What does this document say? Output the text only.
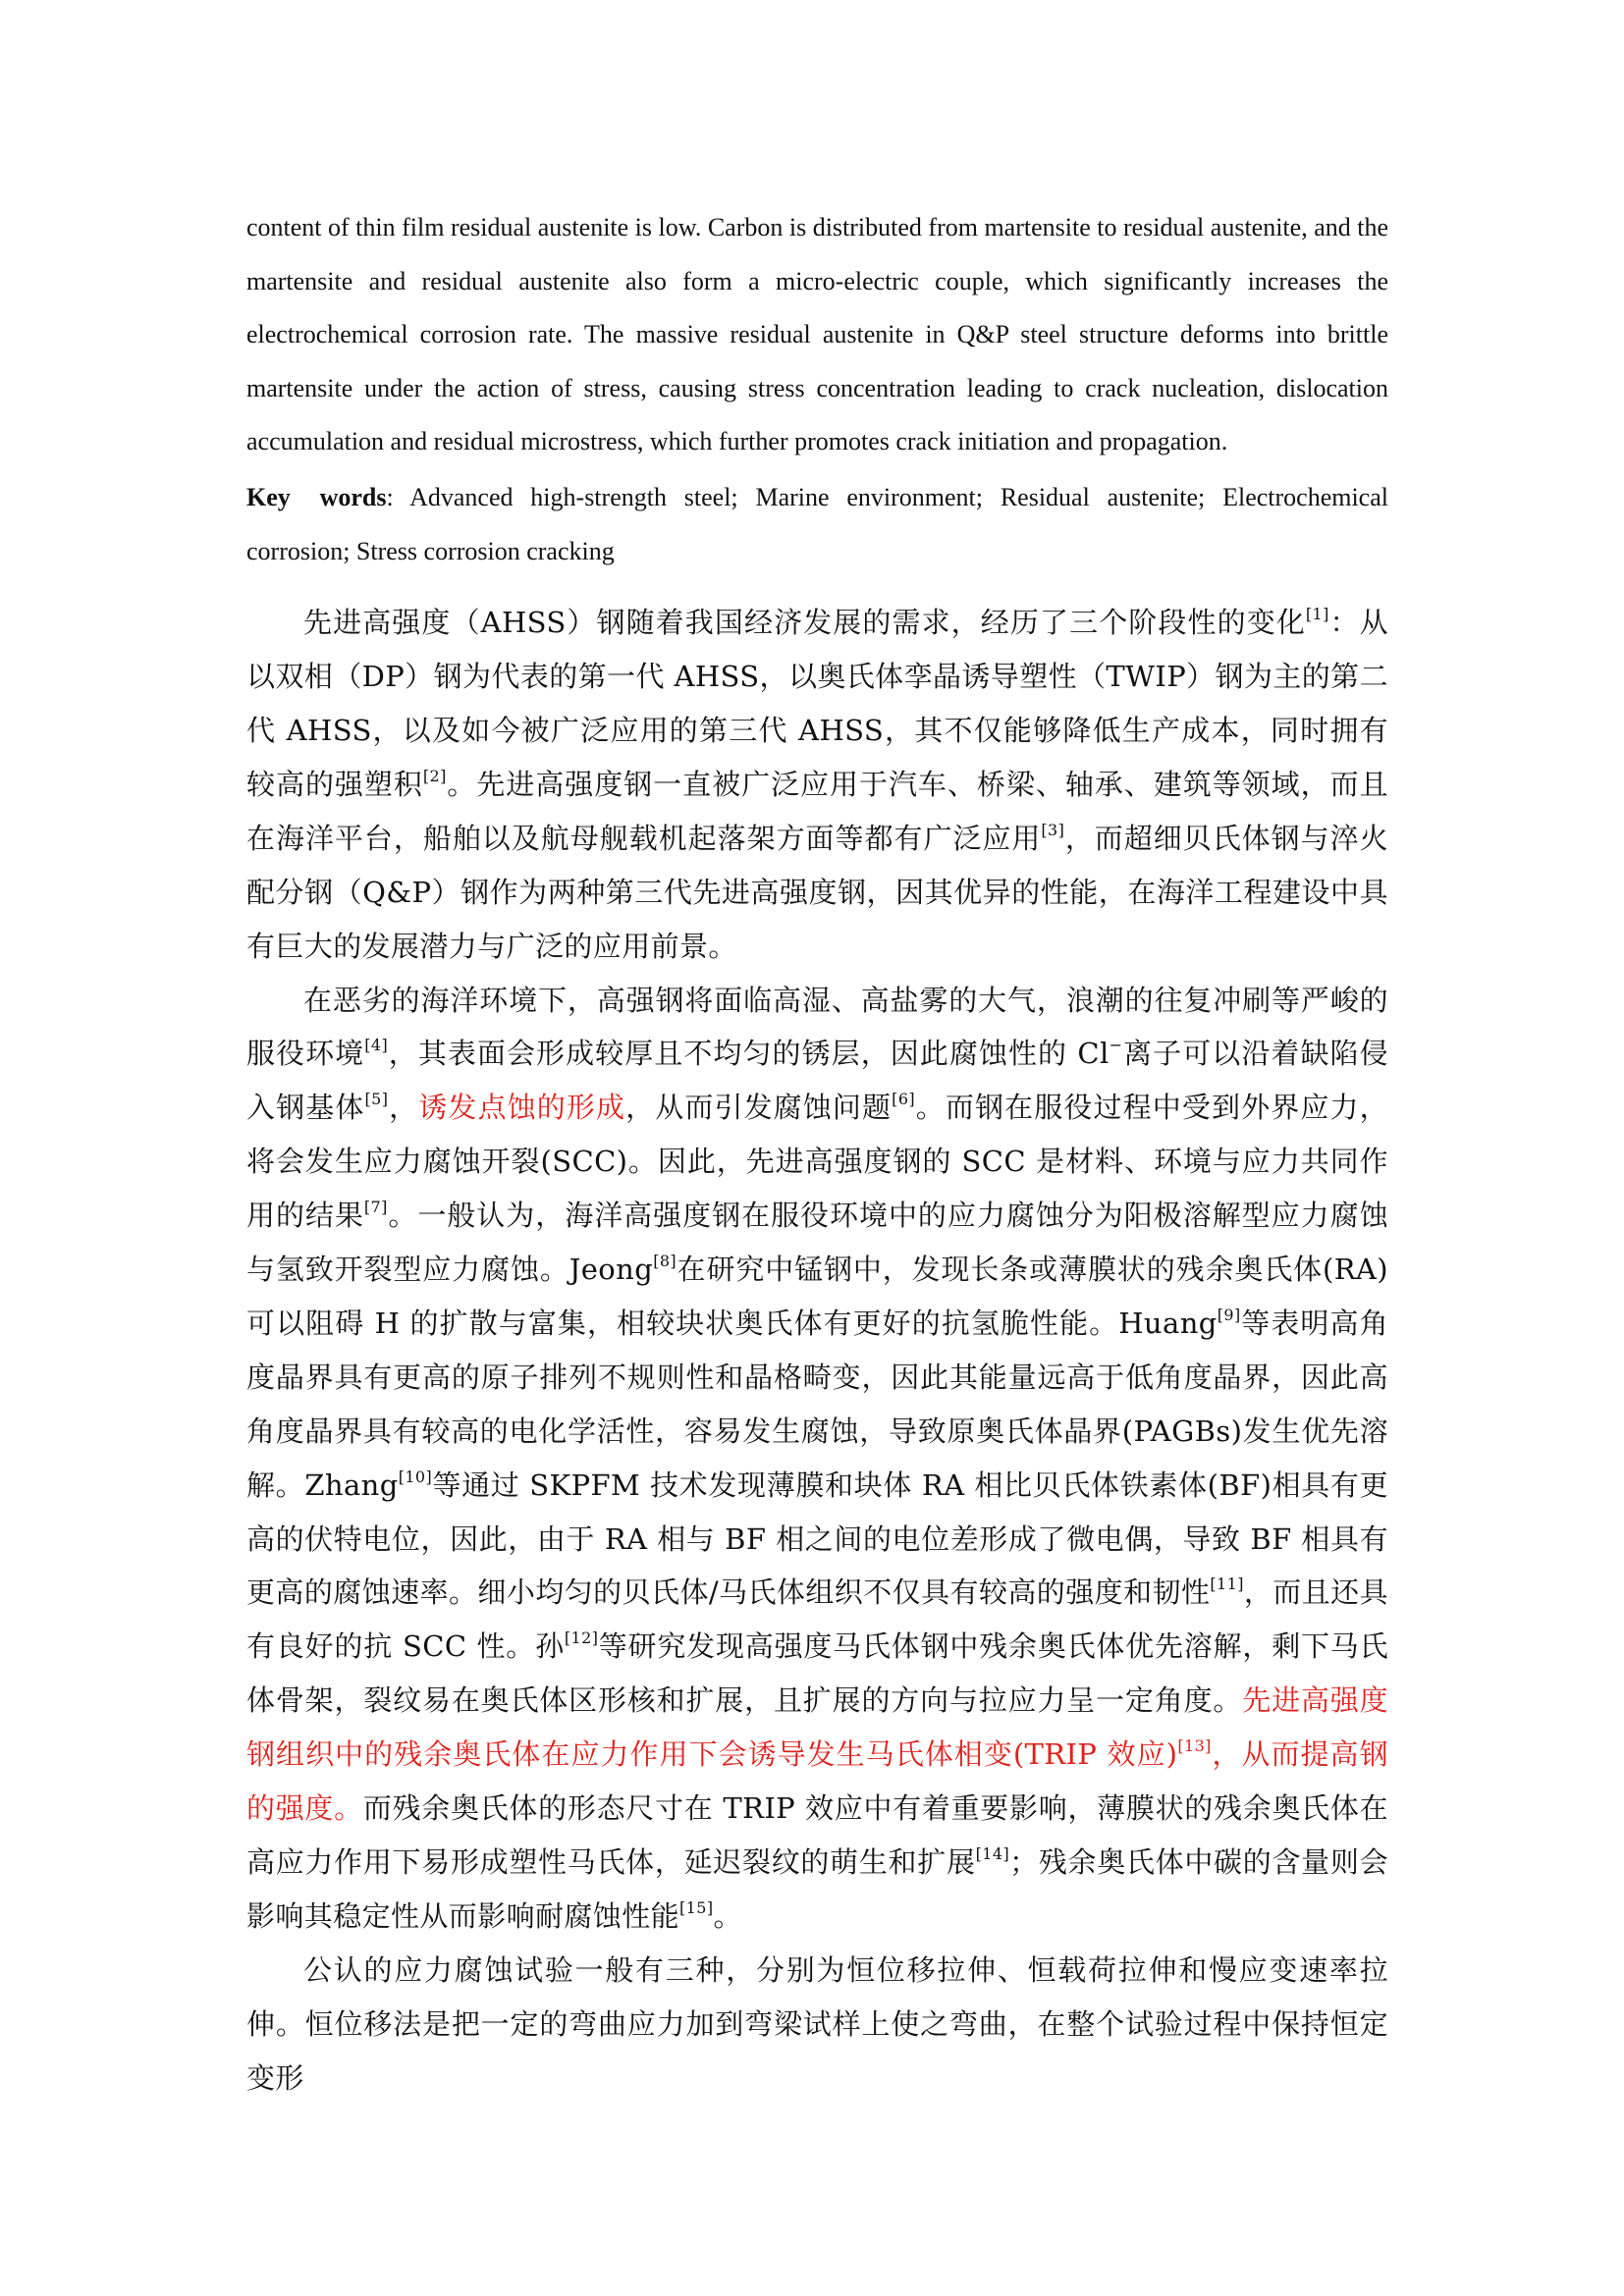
content of thin film residual austenite is low. Carbon is distributed from martensite to residual austenite, and the martensite and residual austenite also form a micro-electric couple, which significantly increases the electrochemical corrosion rate. The massive residual austenite in Q&P steel structure deforms into brittle martensite under the action of stress, causing stress concentration leading to crack nucleation, dislocation accumulation and residual microstress, which further promotes crack initiation and propagation.

Key words: Advanced high-strength steel; Marine environment; Residual austenite; Electrochemical corrosion; Stress corrosion cracking

先进高强度（AHSS）钢随着我国经济发展的需求，经历了三个阶段性的变化[1]：从以双相（DP）钢为代表的第一代 AHSS，以奥氏体孪晶诱导塑性（TWIP）钢为主的第二代 AHSS，以及如今被广泛应用的第三代 AHSS，其不仅能够降低生产成本，同时拥有较高的强塑积[2]。先进高强度钢一直被广泛应用于汽车、桥梁、轴承、建筑等领域，而且在海洋平台，船舶以及航母舰载机起落架方面等都有广泛应用[3]，而超细贝氏体钢与淬火配分钢（Q&P）钢作为两种第三代先进高强度钢，因其优异的性能，在海洋工程建设中具有巨大的发展潜力与广泛的应用前景。

在恶劣的海洋环境下，高强钢将面临高湿、高盐雾的大气，浪潮的往复冲刷等严峻的服役环境[4]，其表面会形成较厚且不均匀的锈层，因此腐蚀性的 Cl−离子可以沿着缺陷侵入钢基体[5]，诱发点蚀的形成，从而引发腐蚀问题[6]。而钢在服役过程中受到外界应力，将会发生应力腐蚀开裂(SCC)。因此，先进高强度钢的 SCC 是材料、环境与应力共同作用的结果[7]。一般认为，海洋高强度钢在服役环境中的应力腐蚀分为阳极溶解型应力腐蚀与氢致开裂型应力腐蚀。Jeong[8]在研究中锰钢中，发现长条或薄膜状的残余奥氏体(RA)可以阻碍 H 的扩散与富集，相较块状奥氏体有更好的抗氢脆性能。Huang[9]等表明高角度晶界具有更高的原子排列不规则性和晶格畸变，因此其能量远高于低角度晶界，因此高角度晶界具有较高的电化学活性，容易发生腐蚀，导致原奥氏体晶界(PAGBs)发生优先溶解。Zhang[10]等通过 SKPFM 技术发现薄膜和块体 RA 相比贝氏体铁素体(BF)相具有更高的伏特电位，因此，由于 RA 相与 BF 相之间的电位差形成了微电偶，导致 BF 相具有更高的腐蚀速率。细小均匀的贝氏体/马氏体组织不仅具有较高的强度和韧性[11]，而且还具有良好的抗 SCC 性。孙[12]等研究发现高强度马氏体钢中残余奥氏体优先溶解，剩下马氏体骨架，裂纹易在奥氏体区形核和扩展，且扩展的方向与拉应力呈一定角度。先进高强度钢组织中的残余奥氏体在应力作用下会诱导发生马氏体相变(TRIP 效应)[13]，从而提高钢的强度。而残余奥氏体的形态尺寸在 TRIP 效应中有着重要影响，薄膜状的残余奥氏体在高应力作用下易形成塑性马氏体，延迟裂纹的萌生和扩展[14]；残余奥氏体中碳的含量则会影响其稳定性从而影响耐腐蚀性能[15]。

公认的应力腐蚀试验一般有三种，分别为恒位移拉伸、恒载荷拉伸和慢应变速率拉伸。恒位移法是把一定的弯曲应力加到弯梁试样上使之弯曲，在整个试验过程中保持恒定变形
